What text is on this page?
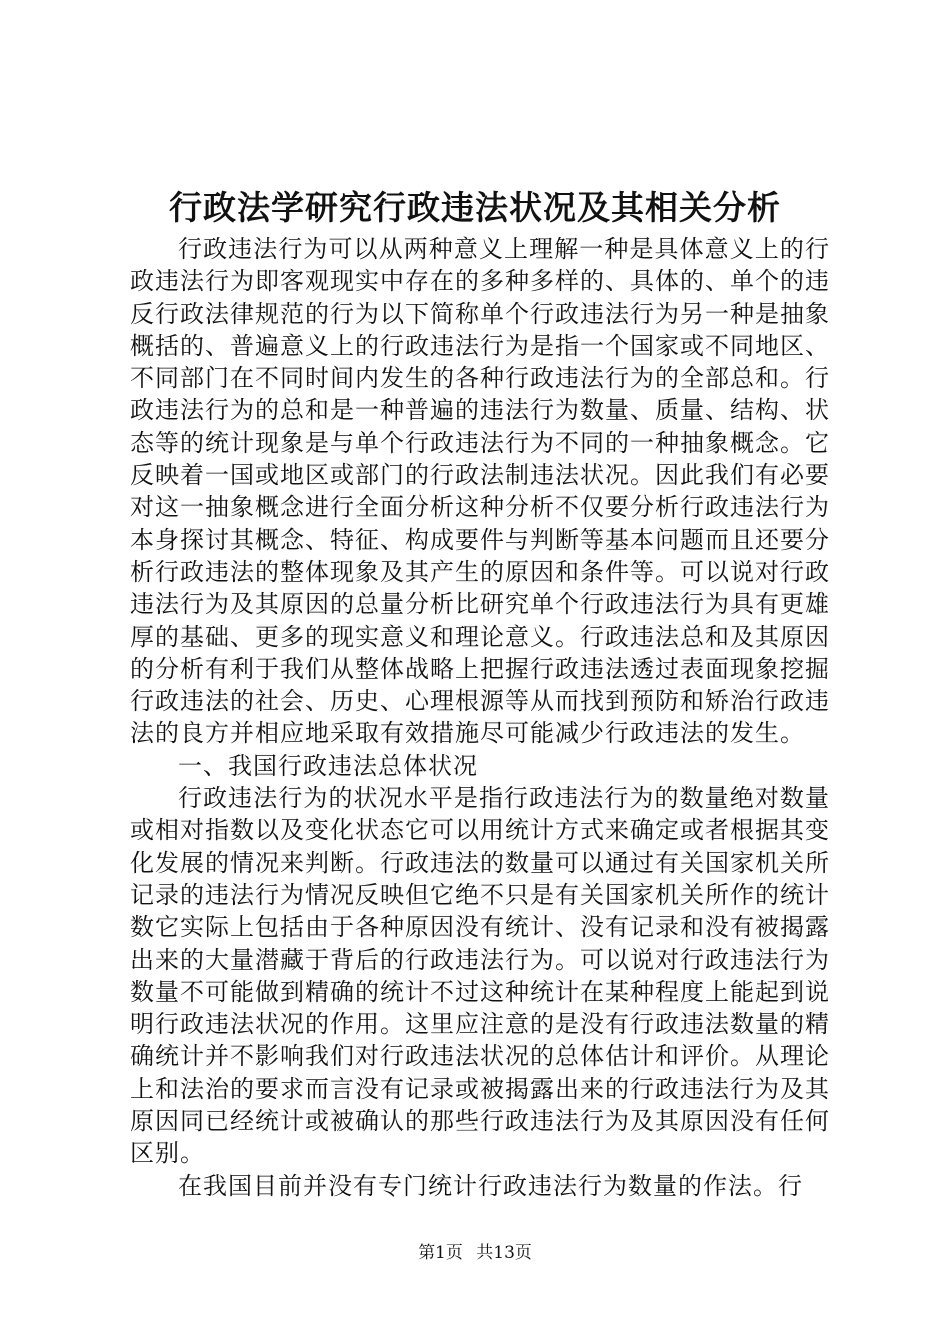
行政法学研究行政违法状况及其相关分析

行政违法行为可以从两种意义上理解一种是具体意义上的行政违法行为即客观现实中存在的多种多样的、具体的、单个的违反行政法律规范的行为以下简称单个行政违法行为另一种是抽象概括的、普遍意义上的行政违法行为是指一个国家或不同地区、不同部门在不同时间内发生的各种行政违法行为的全部总和。行政违法行为的总和是一种普遍的违法行为数量、质量、结构、状态等的统计现象是与单个行政违法行为不同的一种抽象概念。它反映着一国或地区或部门的行政法制违法状况。因此我们有必要对这一抽象概念进行全面分析这种分析不仅要分析行政违法行为本身探讨其概念、特征、构成要件与判断等基本问题而且还要分析行政违法的整体现象及其产生的原因和条件等。可以说对行政违法行为及其原因的总量分析比研究单个行政违法行为具有更雄厚的基础、更多的现实意义和理论意义。行政违法总和及其原因的分析有利于我们从整体战略上把握行政违法透过表面现象挖掘行政违法的社会、历史、心理根源等从而找到预防和矫治行政违法的良方并相应地采取有效措施尽可能减少行政违法的发生。

一、我国行政违法总体状况

行政违法行为的状况水平是指行政违法行为的数量绝对数量或相对指数以及变化状态它可以用统计方式来确定或者根据其变化发展的情况来判断。行政违法的数量可以通过有关国家机关所记录的违法行为情况反映但它绝不只是有关国家机关所作的统计数它实际上包括由于各种原因没有统计、没有记录和没有被揭露出来的大量潜藏于背后的行政违法行为。可以说对行政违法行为数量不可能做到精确的统计不过这种统计在某种程度上能起到说明行政违法状况的作用。这里应注意的是没有行政违法数量的精确统计并不影响我们对行政违法状况的总体估计和评价。从理论上和法治的要求而言没有记录或被揭露出来的行政违法行为及其原因同已经统计或被确认的那些行政违法行为及其原因没有任何区别。

在我国目前并没有专门统计行政违法行为数量的作法。行

第1页 共13页
